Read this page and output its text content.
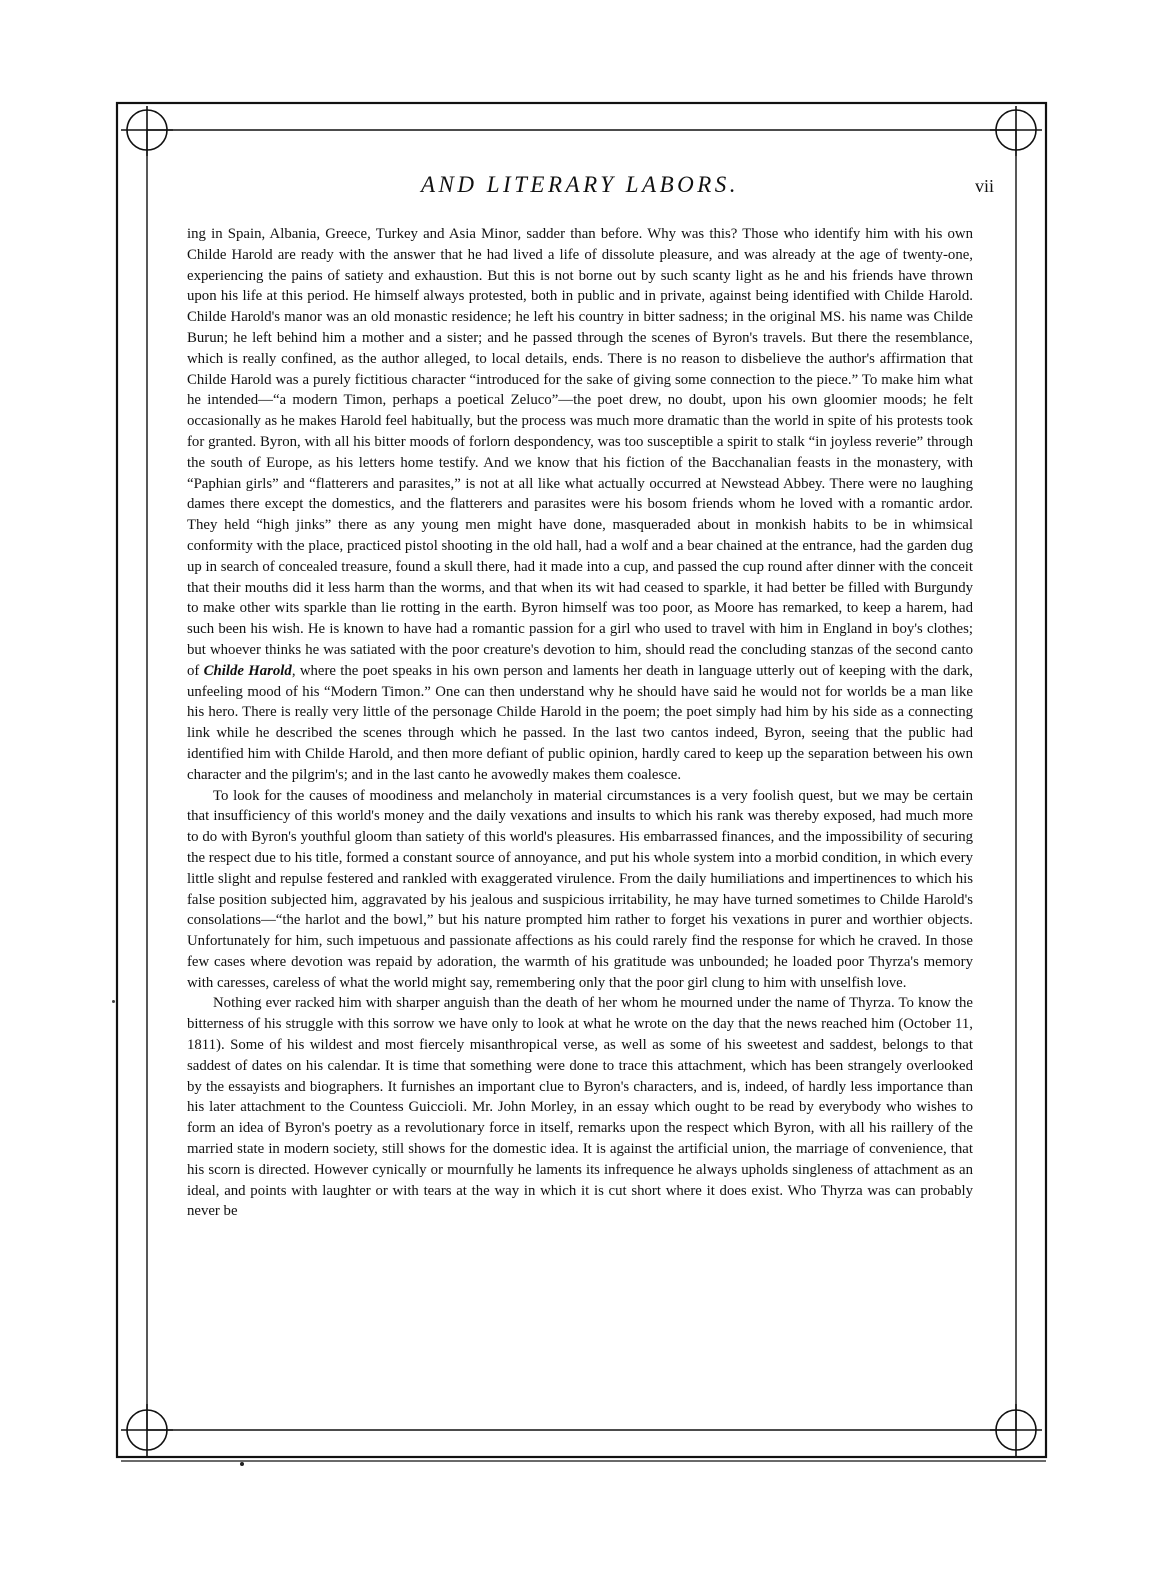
AND LITERARY LABORS.	vii

ing in Spain, Albania, Greece, Turkey and Asia Minor, sadder than before. Why was this? Those who identify him with his own Childe Harold are ready with the answer that he had lived a life of dissolute pleasure, and was already at the age of twenty-one, experiencing the pains of satiety and exhaustion. But this is not borne out by such scanty light as he and his friends have thrown upon his life at this period. He himself always protested, both in public and in private, against being identified with Childe Harold. Childe Harold's manor was an old monastic residence; he left his country in bitter sadness; in the original MS. his name was Childe Burun; he left behind him a mother and a sister; and he passed through the scenes of Byron's travels. But there the resemblance, which is really confined, as the author alleged, to local details, ends. There is no reason to disbelieve the author's affirmation that Childe Harold was a purely fictitious character “introduced for the sake of giving some connection to the piece.” To make him what he intended—“a modern Timon, perhaps a poetical Zeluco”—the poet drew, no doubt, upon his own gloomier moods; he felt occasionally as he makes Harold feel habitually, but the process was much more dramatic than the world in spite of his protests took for granted. Byron, with all his bitter moods of forlorn despondency, was too susceptible a spirit to stalk “in joyless reverie” through the south of Europe, as his letters home testify. And we know that his fiction of the Bacchanalian feasts in the monastery, with “Paphian girls” and “flatterers and parasites,” is not at all like what actually occurred at Newstead Abbey. There were no laughing dames there except the domestics, and the flatterers and parasites were his bosom friends whom he loved with a romantic ardor. They held “high jinks” there as any young men might have done, masqueraded about in monkish habits to be in whimsical conformity with the place, practiced pistol shooting in the old hall, had a wolf and a bear chained at the entrance, had the garden dug up in search of concealed treasure, found a skull there, had it made into a cup, and passed the cup round after dinner with the conceit that their mouths did it less harm than the worms, and that when its wit had ceased to sparkle, it had better be filled with Burgundy to make other wits sparkle than lie rotting in the earth. Byron himself was too poor, as Moore has remarked, to keep a harem, had such been his wish. He is known to have had a romantic passion for a girl who used to travel with him in England in boy's clothes; but whoever thinks he was satiated with the poor creature's devotion to him, should read the concluding stanzas of the second canto of Childe Harold, where the poet speaks in his own person and laments her death in language utterly out of keeping with the dark, unfeeling mood of his “Modern Timon.” One can then understand why he should have said he would not for worlds be a man like his hero. There is really very little of the personage Childe Harold in the poem; the poet simply had him by his side as a connecting link while he described the scenes through which he passed. In the last two cantos indeed, Byron, seeing that the public had identified him with Childe Harold, and then more defiant of public opinion, hardly cared to keep up the separation between his own character and the pilgrim's; and in the last canto he avowedly makes them coalesce.

To look for the causes of moodiness and melancholy in material circumstances is a very foolish quest, but we may be certain that insufficiency of this world's money and the daily vexations and insults to which his rank was thereby exposed, had much more to do with Byron's youthful gloom than satiety of this world's pleasures. His embarrassed finances, and the impossibility of securing the respect due to his title, formed a constant source of annoyance, and put his whole system into a morbid condition, in which every little slight and repulse festered and rankled with exaggerated virulence. From the daily humiliations and impertinences to which his false position subjected him, aggravated by his jealous and suspicious irritability, he may have turned sometimes to Childe Harold's consolations—“the harlot and the bowl,” but his nature prompted him rather to forget his vexations in purer and worthier objects. Unfortunately for him, such impetuous and passionate affections as his could rarely find the response for which he craved. In those few cases where devotion was repaid by adoration, the warmth of his gratitude was unbounded; he loaded poor Thyrza's memory with caresses, careless of what the world might say, remembering only that the poor girl clung to him with unselfish love.

Nothing ever racked him with sharper anguish than the death of her whom he mourned under the name of Thyrza. To know the bitterness of his struggle with this sorrow we have only to look at what he wrote on the day that the news reached him (October 11, 1811). Some of his wildest and most fiercely misanthropical verse, as well as some of his sweetest and saddest, belongs to that saddest of dates on his calendar. It is time that something were done to trace this attachment, which has been strangely overlooked by the essayists and biographers. It furnishes an important clue to Byron's characters, and is, indeed, of hardly less importance than his later attachment to the Countess Guiccioli. Mr. John Morley, in an essay which ought to be read by everybody who wishes to form an idea of Byron's poetry as a revolutionary force in itself, remarks upon the respect which Byron, with all his raillery of the married state in modern society, still shows for the domestic idea. It is against the artificial union, the marriage of convenience, that his scorn is directed. However cynically or mournfully he laments its infrequence he always upholds singleness of attachment as an ideal, and points with laughter or with tears at the way in which it is cut short where it does exist. Who Thyrza was can probably never be
